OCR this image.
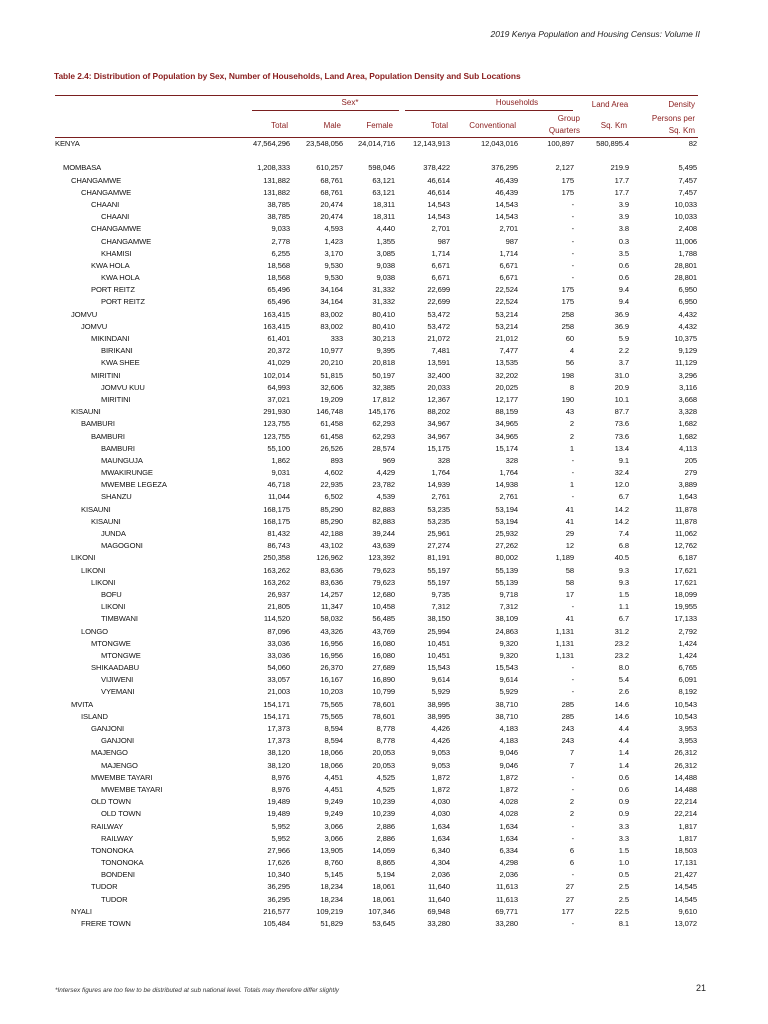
2019 Kenya Population and Housing Census: Volume II
Table 2.4: Distribution of Population by Sex, Number of Households, Land Area, Population Density and Sub Locations
Sex*	Households	Land Area	Density
Total	Male	Female	Total	Conventional
Group
Quarters
Sq. Km
Persons per
Sq. Km
KENYA	47,564,296 23,548,056 24,014,716 12,143,913	12,043,016	100,897	580,895.4	82
MOMBASA	1,208,333	610,257	598,046	378,422	376,295	2,127	219.9	5,495
CHANGAMWE	131,882	68,761	63,121	46,614	46,439	175	17.7	7,457
CHANGAMWE	131,882	68,761	63,121	46,614	46,439	175	17.7	7,457
CHAANI	38,785	20,474	18,311	14,543	14,543	-	3.9	10,033
CHAANI	38,785	20,474	18,311	14,543	14,543	-	3.9	10,033
CHANGAMWE	9,033	4,593	4,440	2,701	2,701	-	3.8	2,408
CHANGAMWE	2,778	1,423	1,355	987	987	-	0.3	11,006
KHAMISI	6,255	3,170	3,085	1,714	1,714	-	3.5	1,788
KWA HOLA	18,568	9,530	9,038	6,671	6,671	-	0.6	28,801
KWA HOLA	18,568	9,530	9,038	6,671	6,671	-	0.6	28,801
PORT REITZ	65,496	34,164	31,332	22,699	22,524	175	9.4	6,950
PORT REITZ	65,496	34,164	31,332	22,699	22,524	175	9.4	6,950
JOMVU	163,415	83,002	80,410	53,472	53,214	258	36.9	4,432
JOMVU	163,415	83,002	80,410	53,472	53,214	258	36.9	4,432
MIKINDANI	61,401	333	30,213	21,072	21,012	60	5.9	10,375
BIRIKANI	20,372	10,977	9,395	7,481	7,477	4	2.2	9,129
KWA SHEE	41,029	20,210	20,818	13,591	13,535	56	3.7	11,129
MIRITINI	102,014	51,815	50,197	32,400	32,202	198	31.0	3,296
JOMVU KUU	64,993	32,606	32,385	20,033	20,025	8	20.9	3,116
MIRITINI	37,021	19,209	17,812	12,367	12,177	190	10.1	3,668
KISAUNI	291,930	146,748	145,176	88,202	88,159	43	87.7	3,328
BAMBURI	123,755	61,458	62,293	34,967	34,965	2	73.6	1,682
BAMBURI	123,755	61,458	62,293	34,967	34,965	2	73.6	1,682
BAMBURI	55,100	26,526	28,574	15,175	15,174	1	13.4	4,113
MAUNGUJA	1,862	893	969	328	328	-	9.1	205
MWAKIRUNGE	9,031	4,602	4,429	1,764	1,764	-	32.4	279
MWEMBE LEGEZA	46,718	22,935	23,782	14,939	14,938	1	12.0	3,889
SHANZU	11,044	6,502	4,539	2,761	2,761	-	6.7	1,643
KISAUNI	168,175	85,290	82,883	53,235	53,194	41	14.2	11,878
KISAUNI	168,175	85,290	82,883	53,235	53,194	41	14.2	11,878
JUNDA	81,432	42,188	39,244	25,961	25,932	29	7.4	11,062
MAGOGONI	86,743	43,102	43,639	27,274	27,262	12	6.8	12,762
LIKONI	250,358	126,962	123,392	81,191	80,002	1,189	40.5	6,187
LIKONI	163,262	83,636	79,623	55,197	55,139	58	9.3	17,621
LIKONI	163,262	83,636	79,623	55,197	55,139	58	9.3	17,621
BOFU	26,937	14,257	12,680	9,735	9,718	17	1.5	18,099
LIKONI	21,805	11,347	10,458	7,312	7,312	-	1.1	19,955
TIMBWANI	114,520	58,032	56,485	38,150	38,109	41	6.7	17,133
LONGO	87,096	43,326	43,769	25,994	24,863	1,131	31.2	2,792
MTONGWE	33,036	16,956	16,080	10,451	9,320	1,131	23.2	1,424
MTONGWE	33,036	16,956	16,080	10,451	9,320	1,131	23.2	1,424
SHIKAADABU	54,060	26,370	27,689	15,543	15,543	-	8.0	6,765
VIJIWENI	33,057	16,167	16,890	9,614	9,614	-	5.4	6,091
VYEMANI	21,003	10,203	10,799	5,929	5,929	-	2.6	8,192
MVITA	154,171	75,565	78,601	38,995	38,710	285	14.6	10,543
ISLAND	154,171	75,565	78,601	38,995	38,710	285	14.6	10,543
GANJONI	17,373	8,594	8,778	4,426	4,183	243	4.4	3,953
GANJONI	17,373	8,594	8,778	4,426	4,183	243	4.4	3,953
MAJENGO	38,120	18,066	20,053	9,053	9,046	7	1.4	26,312
MAJENGO	38,120	18,066	20,053	9,053	9,046	7	1.4	26,312
MWEMBE TAYARI	8,976	4,451	4,525	1,872	1,872	-	0.6	14,488
MWEMBE TAYARI	8,976	4,451	4,525	1,872	1,872	-	0.6	14,488
OLD TOWN	19,489	9,249	10,239	4,030	4,028	2	0.9	22,214
OLD TOWN	19,489	9,249	10,239	4,030	4,028	2	0.9	22,214
RAILWAY	5,952	3,066	2,886	1,634	1,634	-	3.3	1,817
RAILWAY	5,952	3,066	2,886	1,634	1,634	-	3.3	1,817
TONONOKA	27,966	13,905	14,059	6,340	6,334	6	1.5	18,503
TONONOKA	17,626	8,760	8,865	4,304	4,298	6	1.0	17,131
BONDENI	10,340	5,145	5,194	2,036	2,036	-	0.5	21,427
TUDOR	36,295	18,234	18,061	11,640	11,613	27	2.5	14,545
TUDOR	36,295	18,234	18,061	11,640	11,613	27	2.5	14,545
NYALI	216,577	109,219	107,346	69,948	69,771	177	22.5	9,610
FRERE TOWN	105,484	51,829	53,645	33,280	33,280	-	8.1	13,072
*Intersex figures are too few to be distributed at sub national level. Totals may therefore differ slightly	21
